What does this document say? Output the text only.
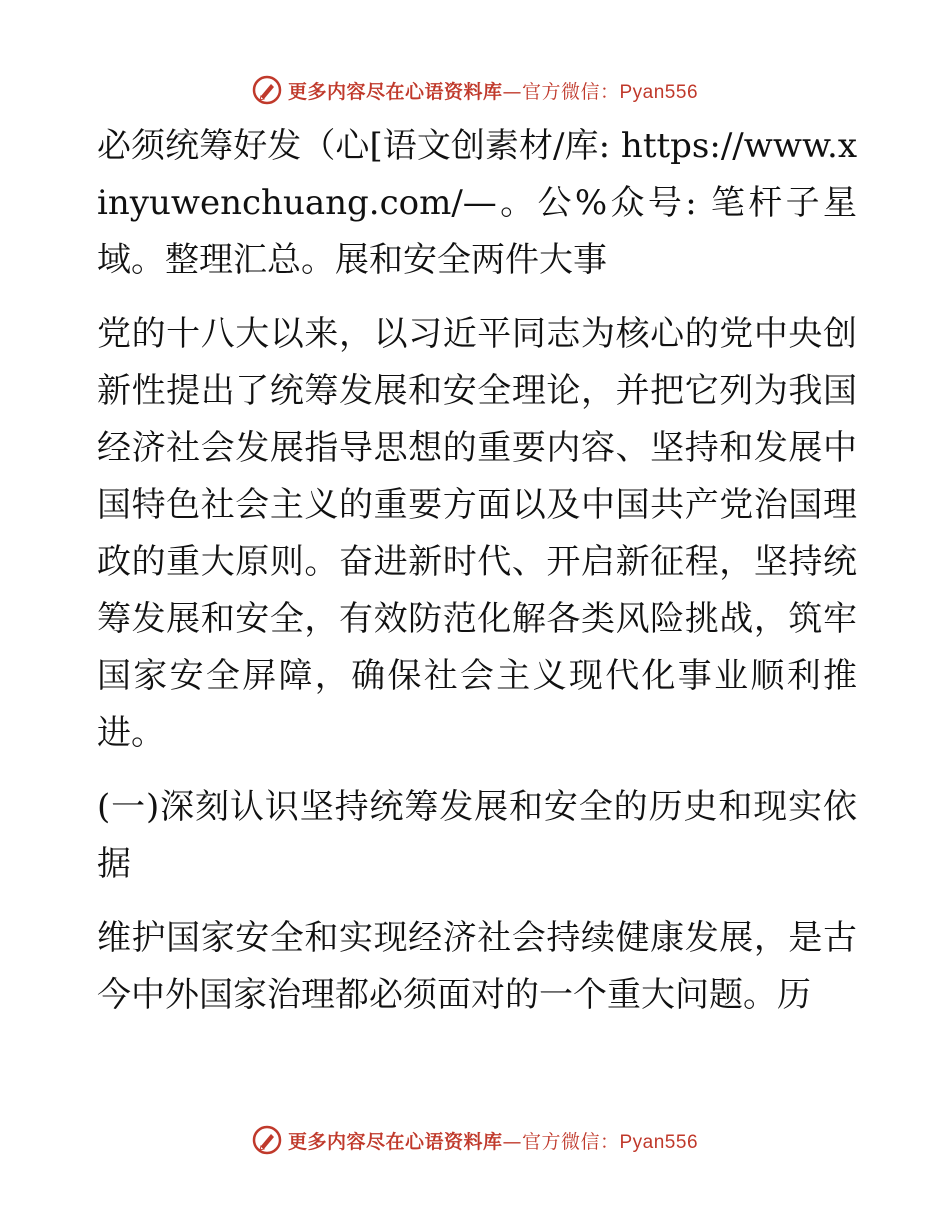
更多内容尽在心语资料库—官方微信：Pyan556

必须统筹好发（心[语文创素材/库: https://www.xinyuwenchuang.com/—。公%众号: 笔杆子星域。整理汇总。展和安全两件大事

党的十八大以来，以习近平同志为核心的党中央创新性提出了统筹发展和安全理论，并把它列为我国经济社会发展指导思想的重要内容、坚持和发展中国特色社会主义的重要方面以及中国共产党治国理政的重大原则。奋进新时代、开启新征程，坚持统筹发展和安全，有效防范化解各类风险挑战，筑牢国家安全屏障，确保社会主义现代化事业顺利推进。

(一)深刻认识坚持统筹发展和安全的历史和现实依据

维护国家安全和实现经济社会持续健康发展，是古今中外国家治理都必须面对的一个重大问题。历

更多内容尽在心语资料库—官方微信：Pyan556
